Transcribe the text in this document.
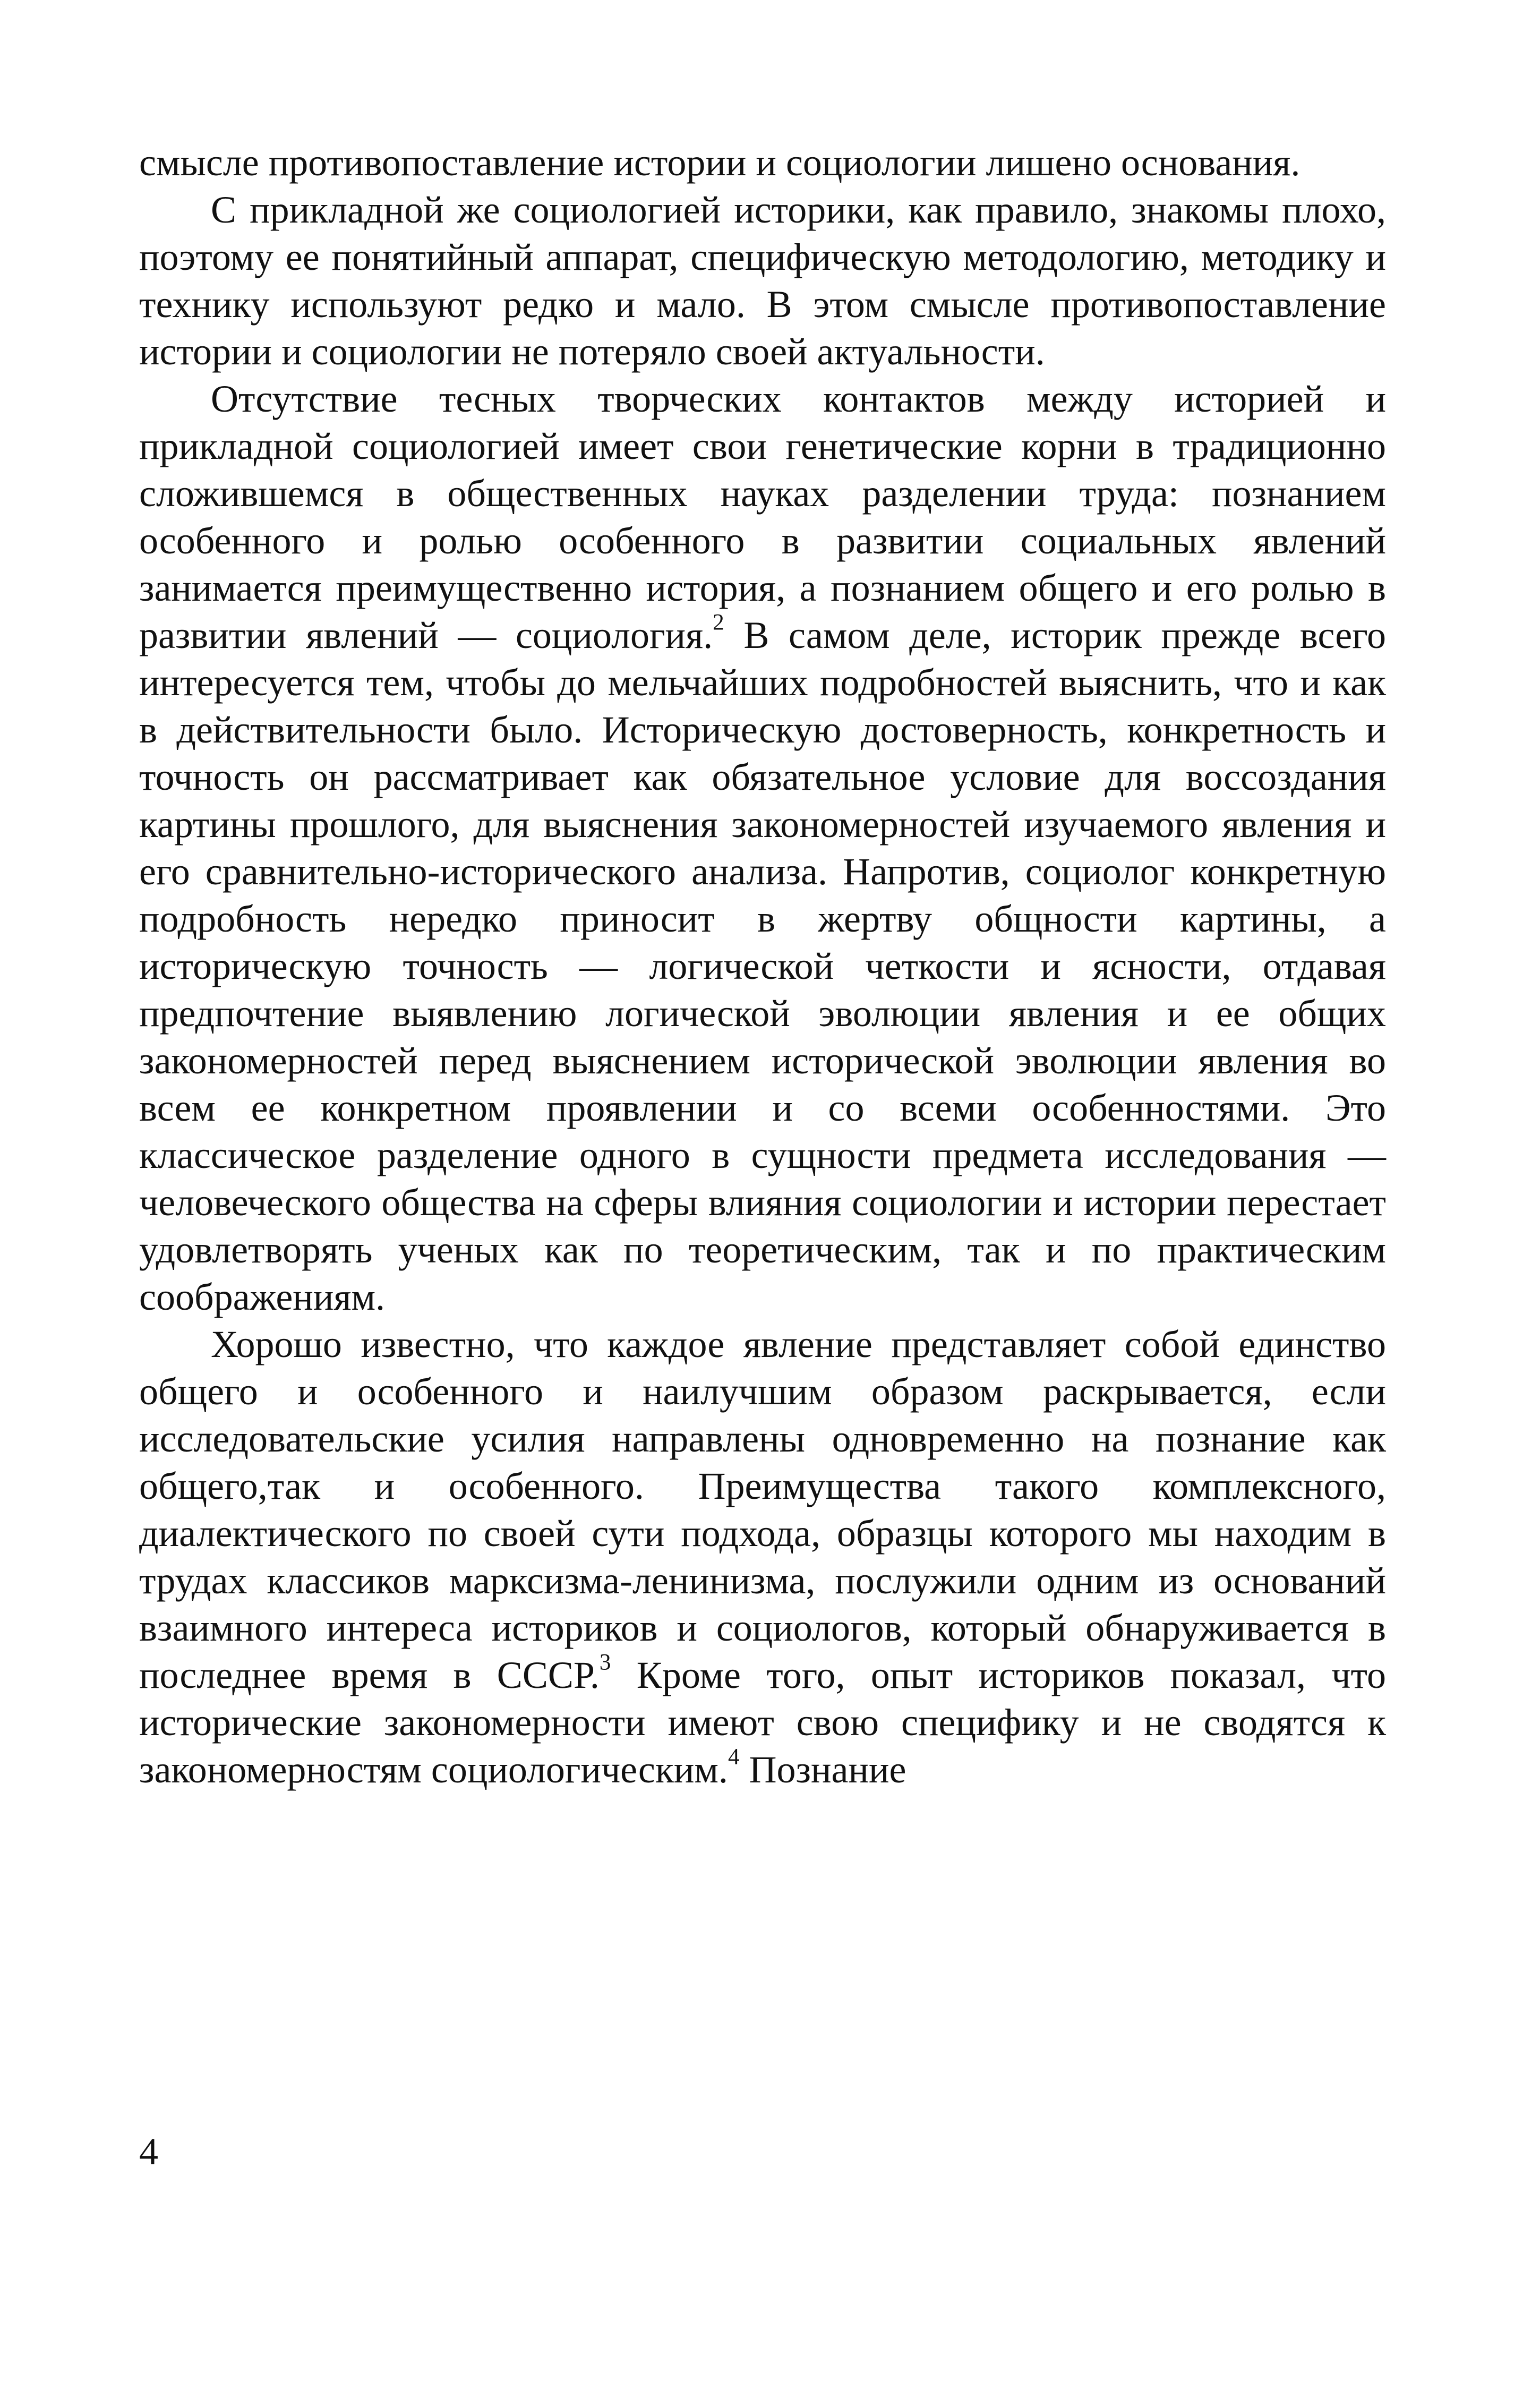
смысле противопоставление истории и социологии лишено основания.

С прикладной же социологией историки, как правило, знакомы плохо, поэтому ее понятийный аппарат, специфическую методологию, методику и технику используют редко и мало. В этом смысле противопоставление истории и социологии не потеряло своей актуальности.

Отсутствие тесных творческих контактов между историей и прикладной социологией имеет свои генетические корни в традиционно сложившемся в общественных науках разделении труда: познанием особенного и ролью особенного в развитии социальных явлений занимается преимущественно история, а познанием общего и его ролью в развитии явлений — социология.$^2$ В самом деле, историк прежде всего интересуется тем, чтобы до мельчайших подробностей выяснить, что и как в действительности было. Историческую достоверность, конкретность и точность он рассматривает как обязательное условие для воссоздания картины прошлого, для выяснения закономерностей изучаемого явления и его сравнительно-исторического анализа. Напротив, социолог конкретную подробность нередко приносит в жертву общности картины, а историческую точность — логической четкости и ясности, отдавая предпочтение выявлению логической эволюции явления и ее общих закономерностей перед выяснением исторической эволюции явления во всем ее конкретном проявлении и со всеми особенностями. Это классическое разделение одного в сущности предмета исследования — человеческого общества на сферы влияния социологии и истории перестает удовлетворять ученых как по теоретическим, так и по практическим соображениям.

Хорошо известно, что каждое явление представляет собой единство общего и особенного и наилучшим образом раскрывается, если исследовательские усилия направлены одновременно на познание как общего,так и особенного. Преимущества такого комплексного, диалектического по своей сути подхода, образцы которого мы находим в трудах классиков марксизма-ленинизма, послужили одним из оснований взаимного интереса историков и социологов, который обнаруживается в последнее время в СССР.$^3$ Кроме того, опыт историков показал, что исторические закономерности имеют свою специфику и не сводятся к закономерностям социологическим.$^4$ Познание

4
